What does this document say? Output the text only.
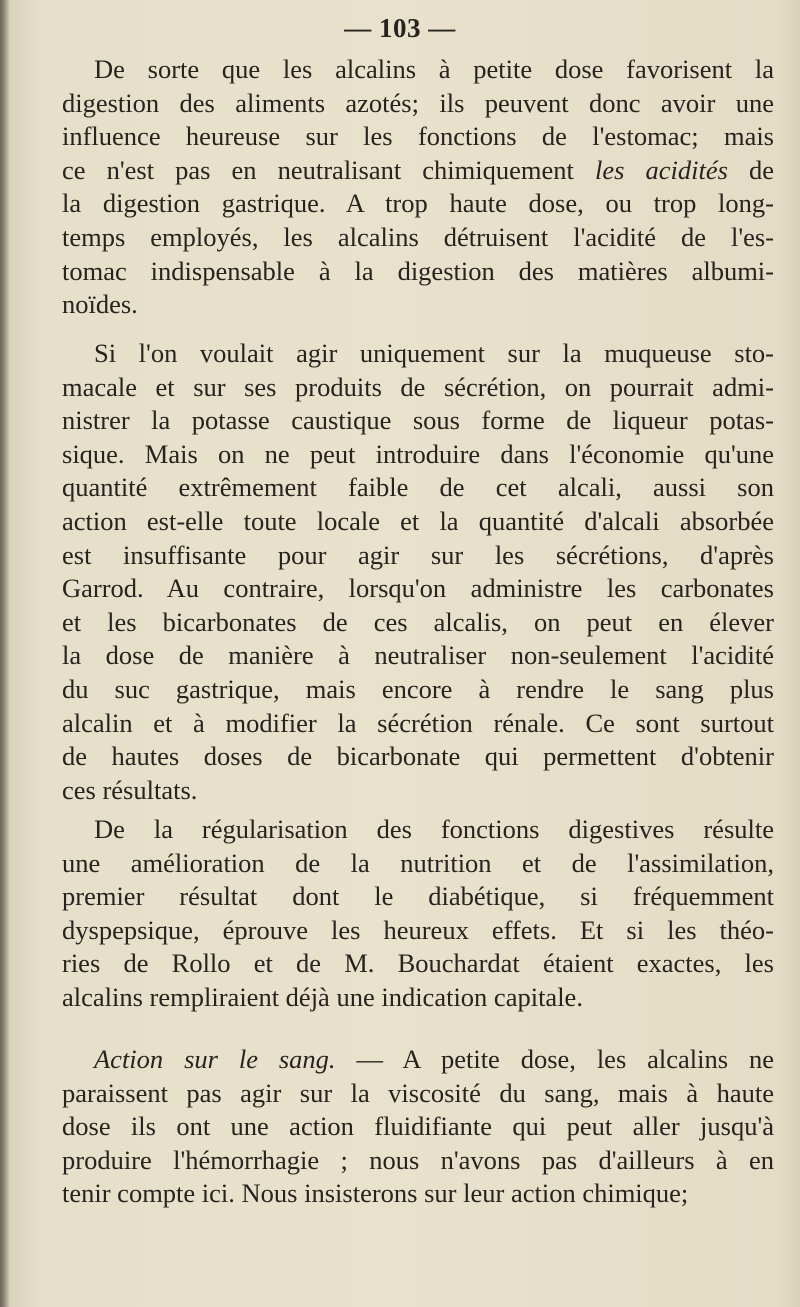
— 103 —
De sorte que les alcalins à petite dose favorisent la
digestion des aliments azotés; ils peuvent donc avoir une
influence heureuse sur les fonctions de l'estomac; mais
ce n'est pas en neutralisant chimiquement les acidités de
la digestion gastrique. A trop haute dose, ou trop long-
temps employés, les alcalins détruisent l'acidité de l'es-
tomac indispensable à la digestion des matières albumi-
noïdes.
Si l'on voulait agir uniquement sur la muqueuse sto-
macale et sur ses produits de sécrétion, on pourrait admi-
nistrer la potasse caustique sous forme de liqueur potas-
sique. Mais on ne peut introduire dans l'économie qu'une
quantité extrêmement faible de cet alcali, aussi son
action est-elle toute locale et la quantité d'alcali absorbée
est insuffisante pour agir sur les sécrétions, d'après
Garrod. Au contraire, lorsqu'on administre les carbonates
et les bicarbonates de ces alcalis, on peut en élever
la dose de manière à neutraliser non-seulement l'acidité
du suc gastrique, mais encore à rendre le sang plus
alcalin et à modifier la sécrétion rénale. Ce sont surtout
de hautes doses de bicarbonate qui permettent d'obtenir
ces résultats.
De la régularisation des fonctions digestives résulte
une amélioration de la nutrition et de l'assimilation,
premier résultat dont le diabétique, si fréquemment
dyspepsique, éprouve les heureux effets. Et si les théo-
ries de Rollo et de M. Bouchardat étaient exactes, les
alcalins rempliraient déjà une indication capitale.
Action sur le sang. — A petite dose, les alcalins ne
paraissent pas agir sur la viscosité du sang, mais à haute
dose ils ont une action fluidifiante qui peut aller jusqu'à
produire l'hémorrhagie ; nous n'avons pas d'ailleurs à en
tenir compte ici. Nous insisterons sur leur action chimique;
